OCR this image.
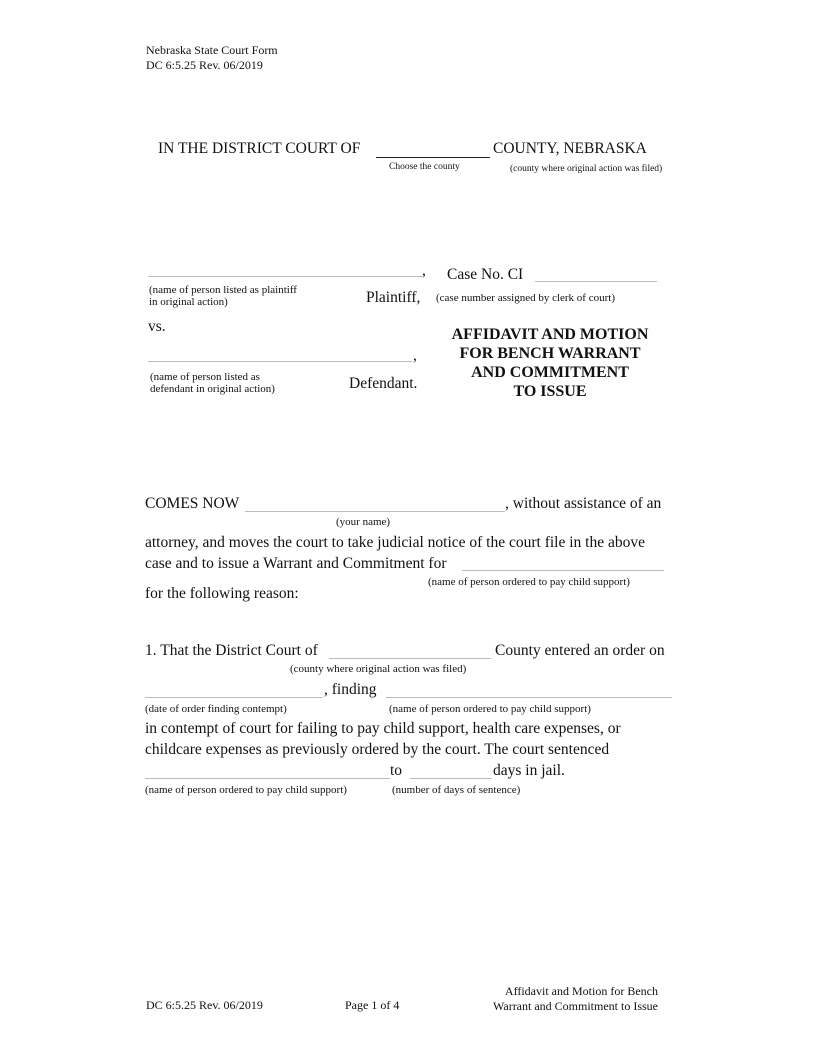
Nebraska State Court Form
DC 6:5.25 Rev. 06/2019
IN THE DISTRICT COURT OF	COUNTY, NEBRASKA
Choose the county	(county where original action was filed)
,
(name of person listed as plaintiff
in original action)	Plaintiff,
Case No. CI
(case number assigned by clerk of court)
vs.
,
(name of person listed as
defendant in original action)	Defendant.
AFFIDAVIT AND MOTION
FOR BENCH WARRANT
AND COMMITMENT
TO ISSUE
COMES NOW	, without assistance of an
(your name)
attorney, and moves the court to take judicial notice of the court file in the above
case and to issue a Warrant and Commitment for
(name of person ordered to pay child support)
for the following reason:
1. That the District Court of	County entered an order on
(county where original action was filed)
, finding
(date of order finding contempt)	(name of person ordered to pay child support)
in contempt of court for failing to pay child support, health care expenses, or
childcare expenses as previously ordered by the court. The court sentenced
to	days in jail.
(name of person ordered to pay child support)	(number of days of sentence)
DC 6:5.25 Rev. 06/2019	Page 1 of 4
Affidavit and Motion for Bench
Warrant and Commitment to Issue
